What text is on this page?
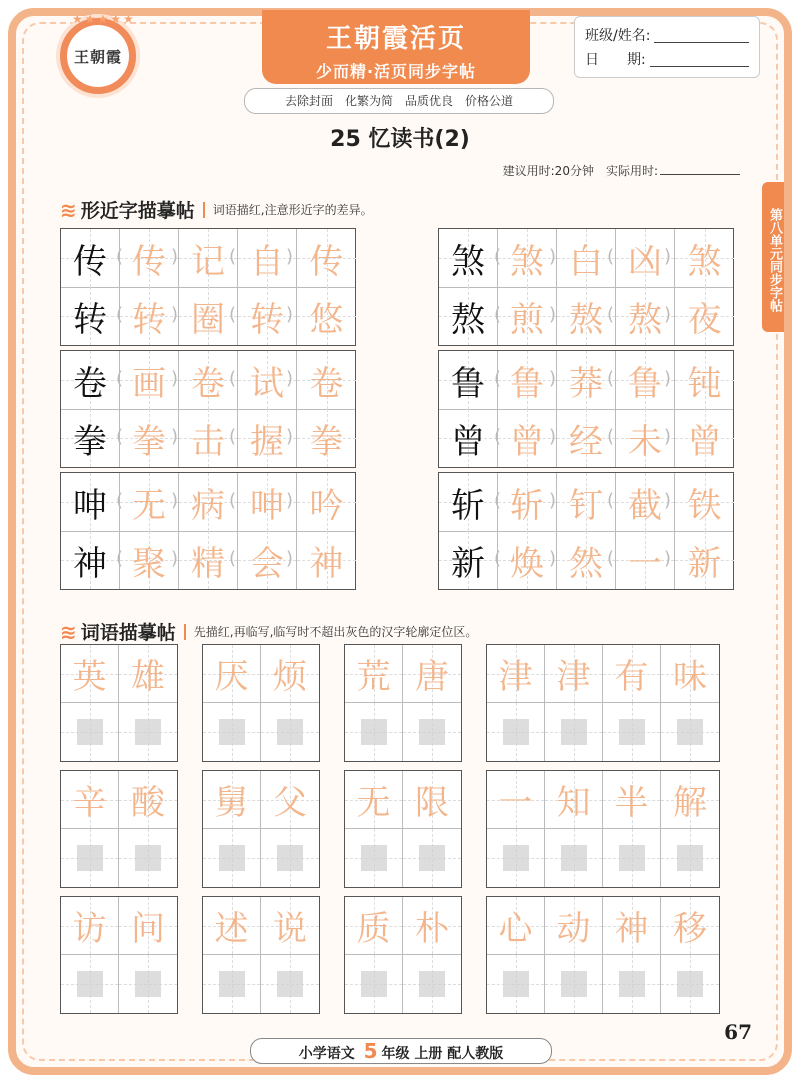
★★★★★
王朝霞
王朝霞活页
少而精·活页同步字帖
去除封面　化繁为简　品质优良　价格公道
班级/姓名:
日　　期:
25 忆读书(2)
建议用时:20分钟　实际用时:
第八单元同步字帖
≋ 形近字描摹帖 词语描红,注意形近字的差异。
传 传 记 自 传
(	)	(	)
转 转 圈 转 悠
(	)	(	)
煞 煞 白 凶 煞
(	)	(	)
熬 煎 熬 熬 夜
(	)	(	)
卷 画 卷 试 卷
(	)	(	)
拳 拳 击 握 拳
(	)	(	)
鲁 鲁 莽 鲁 钝
(	)	(	)
曾 曾 经 未 曾
(	)	(	)
呻 无 病 呻 吟
(	)	(	)
神 聚 精 会 神
(	)	(	)
斩 斩 钉 截 铁
(	)	(	)
新 焕 然 一 新
(	)	(	)
≋ 词语描摹帖 先描红,再临写,临写时不超出灰色的汉字轮廓定位区。
英 雄	厌 烦	荒 唐	津 津 有 味
辛 酸	舅 父	无 限	一 知 半 解
访 问	述 说	质 朴	心 动 神 移
小学语文 5 年级 上册 配人教版
67
